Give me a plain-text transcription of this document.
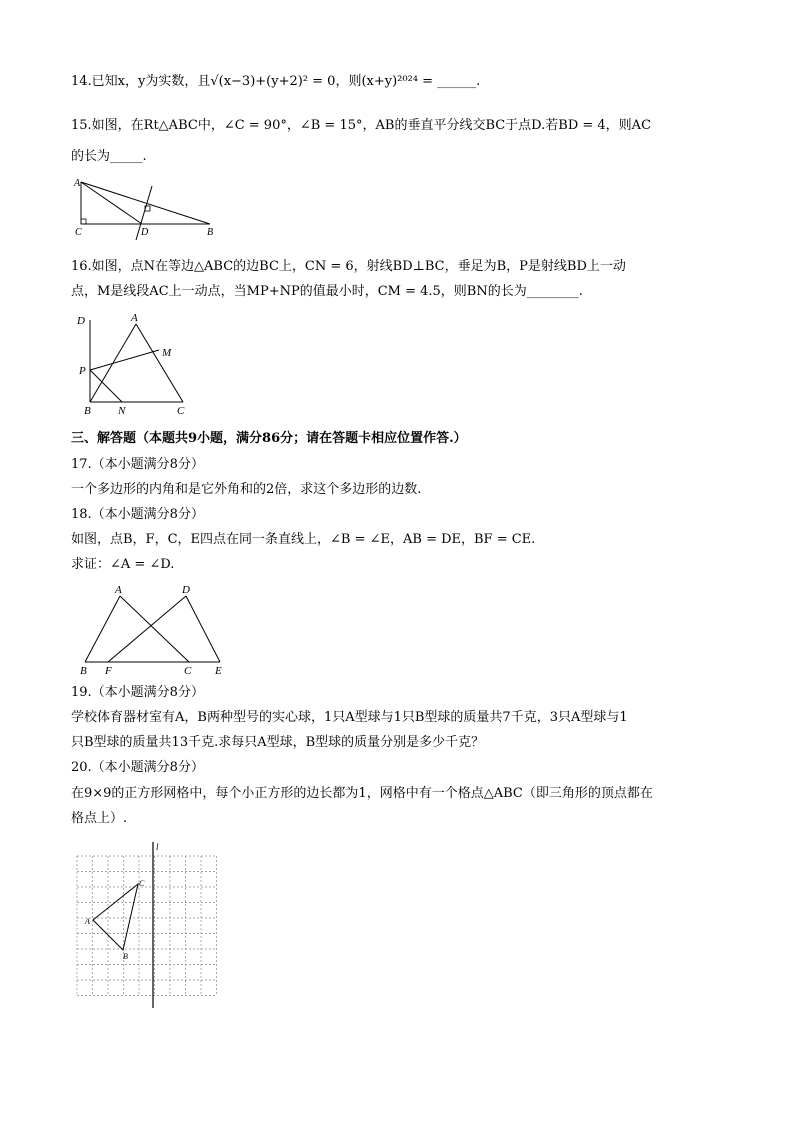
14.已知x，y为实数，且√(x−3)+(y+2)² = 0，则(x+y)²⁰²⁴ = ______.
15.如图，在Rt△ABC中，∠C = 90°，∠B = 15°，AB的垂直平分线交BC于点D.若BD = 4，则AC
的长为_____.
A
C	D	B
16.如图，点N在等边△ABC的边BC上，CN = 6，射线BD⊥BC，垂足为B，P是射线BD上一动
点，M是线段AC上一动点，当MP+NP的值最小时，CM = 4.5，则BN的长为________.
D	A
M
P
B N	C
三、解答题（本题共9小题，满分86分；请在答题卡相应位置作答.）
17.（本小题满分8分）
一个多边形的内角和是它外角和的2倍，求这个多边形的边数.
18.（本小题满分8分）
如图，点B，F，C，E四点在同一条直线上，∠B = ∠E，AB = DE，BF = CE.
求证：∠A = ∠D.
A	D
B F	C E
19.（本小题满分8分）
学校体育器材室有A，B两种型号的实心球，1只A型球与1只B型球的质量共7千克，3只A型球与1
只B型球的质量共13千克.求每只A型球，B型球的质量分别是多少千克？
20.（本小题满分8分）
在9×9的正方形网格中，每个小正方形的边长都为1，网格中有一个格点△ABC（即三角形的顶点都在
格点上）.
l
C
A
B
